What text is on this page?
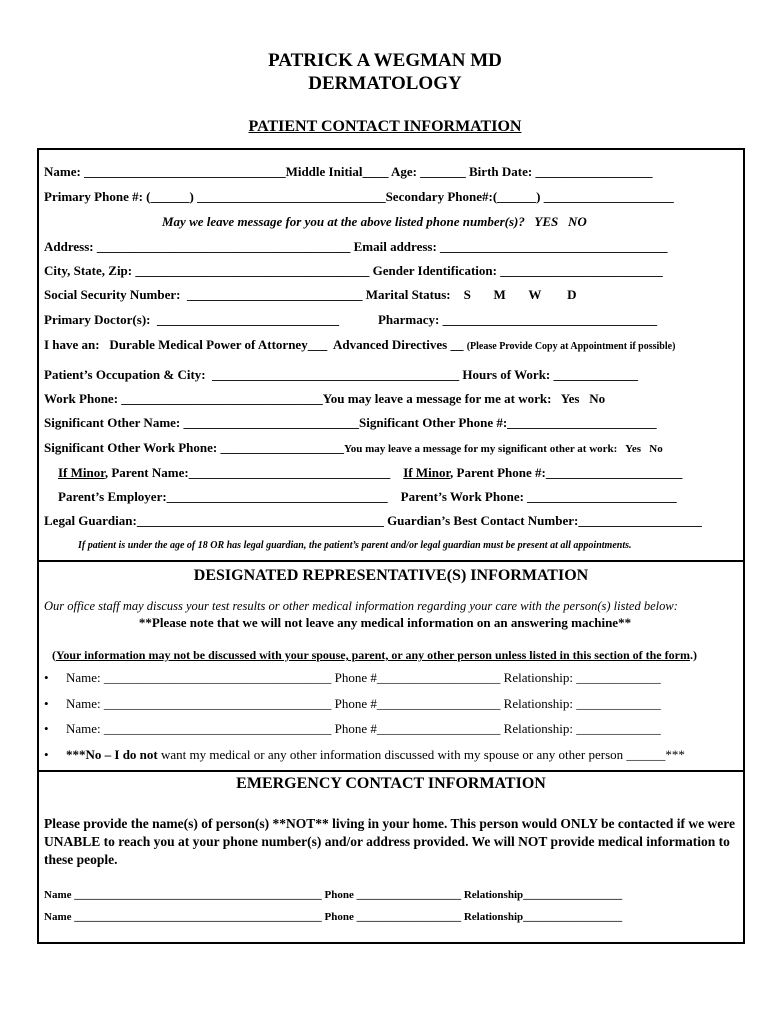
PATRICK A WEGMAN MD
DERMATOLOGY
PATIENT CONTACT INFORMATION
Name: _______________________________Middle Initial____ Age: _______ Birth Date: __________________
Primary Phone #: (______) _____________________________Secondary Phone#:(______) ____________________
May we leave message for you at the above listed phone number(s)?   YES   NO
Address: _______________________________________ Email address: ___________________________________
City, State, Zip: ____________________________________ Gender Identification: _________________________
Social Security Number:  ___________________________ Marital Status:    S       M       W        D
Primary Doctor(s):  ____________________________            Pharmacy: _________________________________
I have an:   Durable Medical Power of Attorney___  Advanced Directives __ (Please Provide Copy at Appointment if possible)
Patient’s Occupation & City:  ______________________________________ Hours of Work: _____________
Work Phone: _______________________________You may leave a message for me at work:   Yes   No
Significant Other Name: ___________________________Significant Other Phone #:_______________________
Significant Other Work Phone: ___________________You may leave a message for my significant other at work:   Yes   No
If Minor, Parent Name:_______________________________    If Minor, Parent Phone #:_____________________
Parent’s Employer:__________________________________    Parent’s Work Phone: _______________________
Legal Guardian:______________________________________ Guardian’s Best Contact Number:___________________
If patient is under the age of 18 OR has legal guardian, the patient’s parent and/or legal guardian must be present at all appointments.
DESIGNATED REPRESENTATIVE(S) INFORMATION
Our office staff may discuss your test results or other medical information regarding your care with the person(s) listed below:
**Please note that we will not leave any medical information on an answering machine**
(Your information may not be discussed with your spouse, parent, or any other person unless listed in this section of the form.)
• Name: ___________________________________ Phone #___________________ Relationship: _____________
• Name: ___________________________________ Phone #___________________ Relationship: _____________
• Name: ___________________________________ Phone #___________________ Relationship: _____________
• ***No – I do not want my medical or any other information discussed with my spouse or any other person ______***
EMERGENCY CONTACT INFORMATION
Please provide the name(s) of person(s) **NOT** living in your home. This person would ONLY be contacted if we were UNABLE to reach you at your phone number(s) and/or address provided. We will NOT provide medical information to these people.
Name _____________________________________________ Phone ___________________ Relationship__________________
Name _____________________________________________ Phone ___________________ Relationship__________________
